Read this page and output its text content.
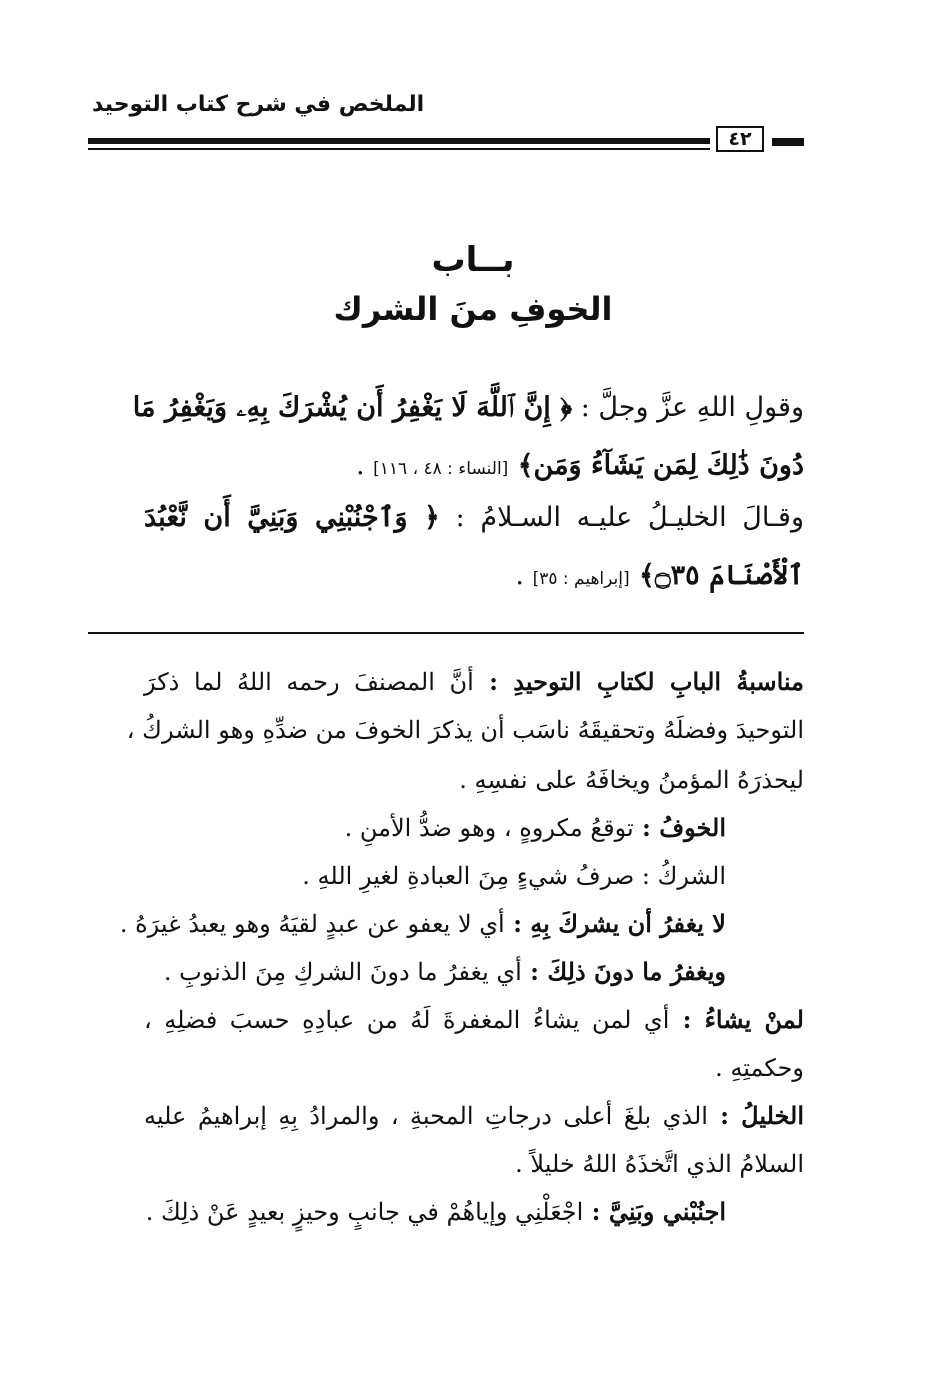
الملخص في شرح كتاب التوحيد
٤٢
بــاب
الخوفِ منَ الشرك
وقولِ اللهِ عزَّ وجلَّ : ﴿ إِنَّ ٱللَّهَ لَا يَغْفِرُ أَن يُشْرَكَ بِهِۦ وَيَغْفِرُ مَا
دُونَ ذَٰلِكَ لِمَن يَشَآءُ وَمَن﴾ [النساء : ٤٨ ، ١١٦] .
وقـالَ الخليـلُ عليـه السـلامُ : ﴿ وَٱجْنُبْنِي وَبَنِيَّ أَن نَّعْبُدَ
ٱلْأَصْنَامَ ۝٣٥﴾ [إبراهيم : ٣٥] .
مناسبةُ البابِ لكتابِ التوحيدِ : أنَّ المصنفَ رحمه اللهُ لما ذكرَ
التوحيدَ وفضلَهُ وتحقيقَهُ ناسَب أن يذكرَ الخوفَ من ضدِّهِ وهو الشركُ ،
ليحذرَهُ المؤمنُ ويخافَهُ على نفسِهِ .
الخوفُ : توقعُ مكروهٍ ، وهو ضدُّ الأمنِ .
الشركُ : صرفُ شيءٍ مِنَ العبادةِ لغيرِ اللهِ .
لا يغفرُ أن يشركَ بِهِ : أي لا يعفو عن عبدٍ لقيَهُ وهو يعبدُ غيرَهُ .
ويغفرُ ما دونَ ذلِكَ : أي يغفرُ ما دونَ الشركِ مِنَ الذنوبِ .
لمنْ يشاءُ : أي لمن يشاءُ المغفرةَ لَهُ من عبادِهِ حسبَ فضلِهِ ،
وحكمتِهِ .
الخليلُ : الذي بلغَ أعلى درجاتِ المحبةِ ، والمرادُ بِهِ إبراهيمُ عليه
السلامُ الذي اتَّخذَهُ اللهُ خليلاً .
اجنُبْني وبَنِيَّ : اجْعَلْنِي وإياهُمْ في جانبٍ وحيزٍ بعيدٍ عَنْ ذلِكَ .
